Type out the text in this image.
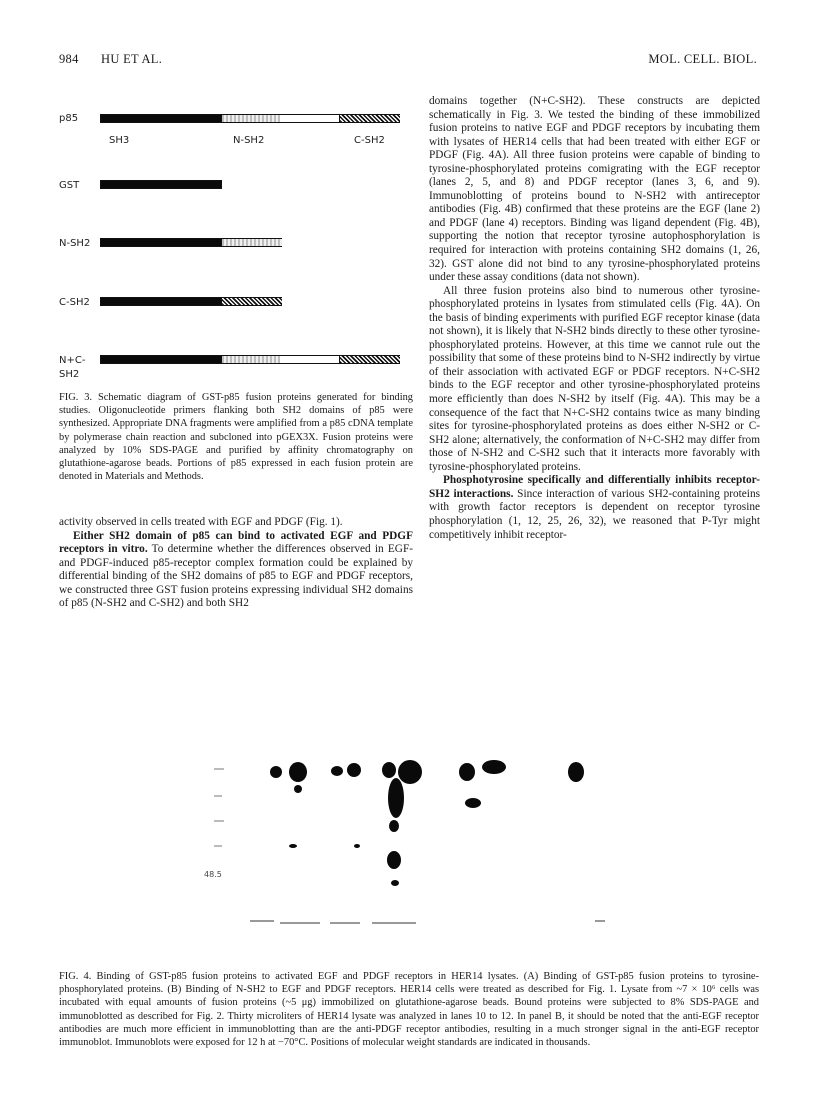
984 HU ET AL.	MOL. CELL. BIOL.
p85
SH3	N-SH2	C-SH2
GST
N-SH2
C-SH2
N+C-
SH2
FIG. 3. Schematic diagram of GST-p85 fusion proteins generated for binding studies. Oligonucleotide primers flanking both SH2 domains of p85 were synthesized. Appropriate DNA fragments were amplified from a p85 cDNA template by polymerase chain reaction and subcloned into pGEX3X. Fusion proteins were analyzed by 10% SDS-PAGE and purified by affinity chromatography on glutathione-agarose beads. Portions of p85 expressed in each fusion protein are denoted in Materials and Methods.

activity observed in cells treated with EGF and PDGF (Fig. 1).

Either SH2 domain of p85 can bind to activated EGF and PDGF receptors in vitro. To determine whether the differences observed in EGF- and PDGF-induced p85-receptor complex formation could be explained by differential binding of the SH2 domains of p85 to EGF and PDGF receptors, we constructed three GST fusion proteins expressing individual SH2 domains of p85 (N-SH2 and C-SH2) and both SH2

domains together (N+C-SH2). These constructs are depicted schematically in Fig. 3. We tested the binding of these immobilized fusion proteins to native EGF and PDGF receptors by incubating them with lysates of HER14 cells that had been treated with either EGF or PDGF (Fig. 4A). All three fusion proteins were capable of binding to tyrosine-phosphorylated proteins comigrating with the EGF receptor (lanes 2, 5, and 8) and PDGF receptor (lanes 3, 6, and 9). Immunoblotting of proteins bound to N-SH2 with antireceptor antibodies (Fig. 4B) confirmed that these proteins are the EGF (lane 2) and PDGF (lane 4) receptors. Binding was ligand dependent (Fig. 4B), supporting the notion that receptor tyrosine autophosphorylation is required for interaction with proteins containing SH2 domains (1, 26, 32). GST alone did not bind to any tyrosine-phosphorylated proteins under these assay conditions (data not shown).

All three fusion proteins also bind to numerous other tyrosine-phosphorylated proteins in lysates from stimulated cells (Fig. 4A). On the basis of binding experiments with purified EGF receptor kinase (data not shown), it is likely that N-SH2 binds directly to these other tyrosine-phosphorylated proteins. However, at this time we cannot rule out the possibility that some of these proteins bind to N-SH2 indirectly by virtue of their association with activated EGF or PDGF receptors. N+C-SH2 binds to the EGF receptor and other tyrosine-phosphorylated proteins more efficiently than does N-SH2 by itself (Fig. 4A). This may be a consequence of the fact that N+C-SH2 contains twice as many binding sites for tyrosine-phosphorylated proteins as does either N-SH2 or C-SH2 alone; alternatively, the conformation of N+C-SH2 may differ from those of N-SH2 and C-SH2 such that it interacts more favorably with tyrosine-phosphorylated proteins.

Phosphotyrosine specifically and differentially inhibits receptor-SH2 interactions. Since interaction of various SH2-containing proteins with growth factor receptors is dependent on receptor tyrosine phosphorylation (1, 12, 25, 26, 32), we reasoned that P-Tyr might competitively inhibit receptor-

48.5
FIG. 4. Binding of GST-p85 fusion proteins to activated EGF and PDGF receptors in HER14 lysates. (A) Binding of GST-p85 fusion proteins to tyrosine-phosphorylated proteins. (B) Binding of N-SH2 to EGF and PDGF receptors. HER14 cells were treated as described for Fig. 1. Lysate from ~7 × 10⁶ cells was incubated with equal amounts of fusion proteins (~5 μg) immobilized on glutathione-agarose beads. Bound proteins were subjected to 8% SDS-PAGE and immunoblotted as described for Fig. 2. Thirty microliters of HER14 lysate was analyzed in lanes 10 to 12. In panel B, it should be noted that the anti-EGF receptor antibodies are much more efficient in immunoblotting than are the anti-PDGF receptor antibodies, resulting in a much stronger signal in the anti-EGF receptor immunoblot. Immunoblots were exposed for 12 h at −70°C. Positions of molecular weight standards are indicated in thousands.
